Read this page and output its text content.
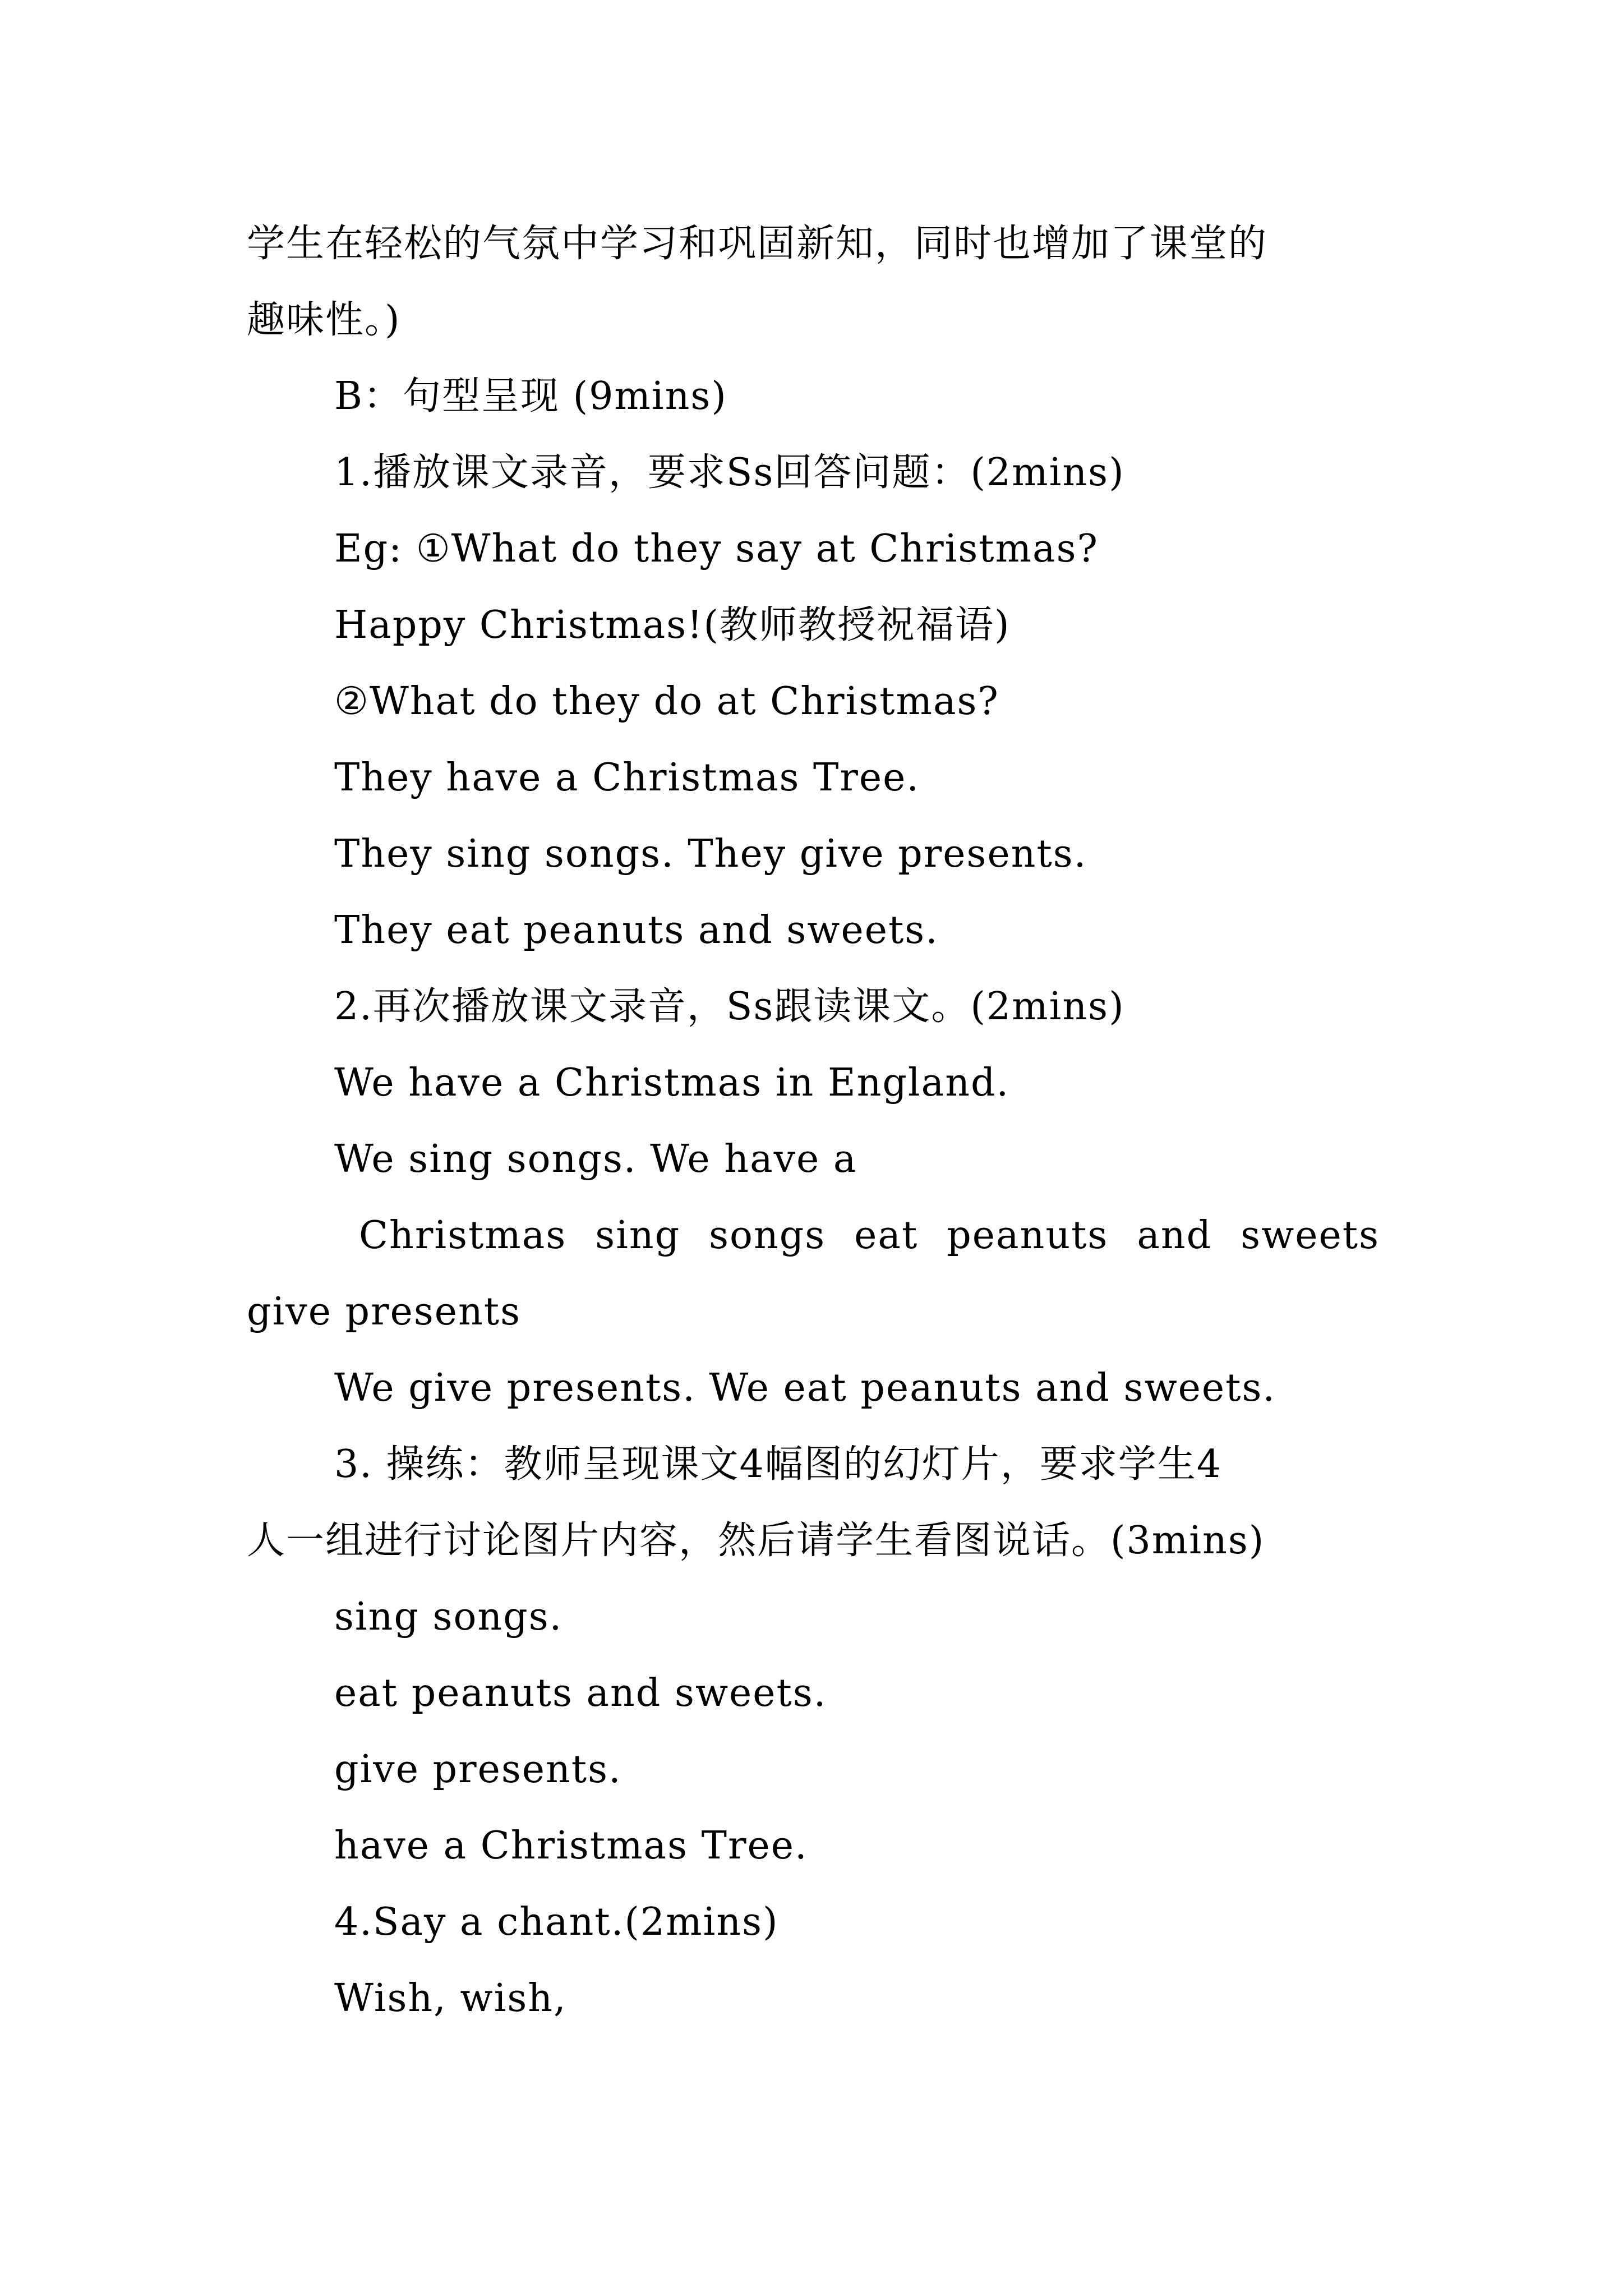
学生在轻松的气氛中学习和巩固新知，同时也增加了课堂的
趣味性。)
B：句型呈现 (9mins)
1.播放课文录音，要求Ss回答问题：(2mins)
Eg: ①What do they say at Christmas?
Happy Christmas!(教师教授祝福语)
②What do they do at Christmas?
They have a Christmas Tree.
They sing songs. They give presents.
They eat peanuts and sweets.
2.再次播放课文录音，Ss跟读课文。(2mins)
We have a Christmas in England.
We sing songs. We have a
Christmas sing songs eat peanuts and sweets
give presents
We give presents. We eat peanuts and sweets.
3. 操练：教师呈现课文4幅图的幻灯片，要求学生4
人一组进行讨论图片内容，然后请学生看图说话。(3mins)
sing songs.
eat peanuts and sweets.
give presents.
have a Christmas Tree.
4.Say a chant.(2mins)
Wish, wish,
